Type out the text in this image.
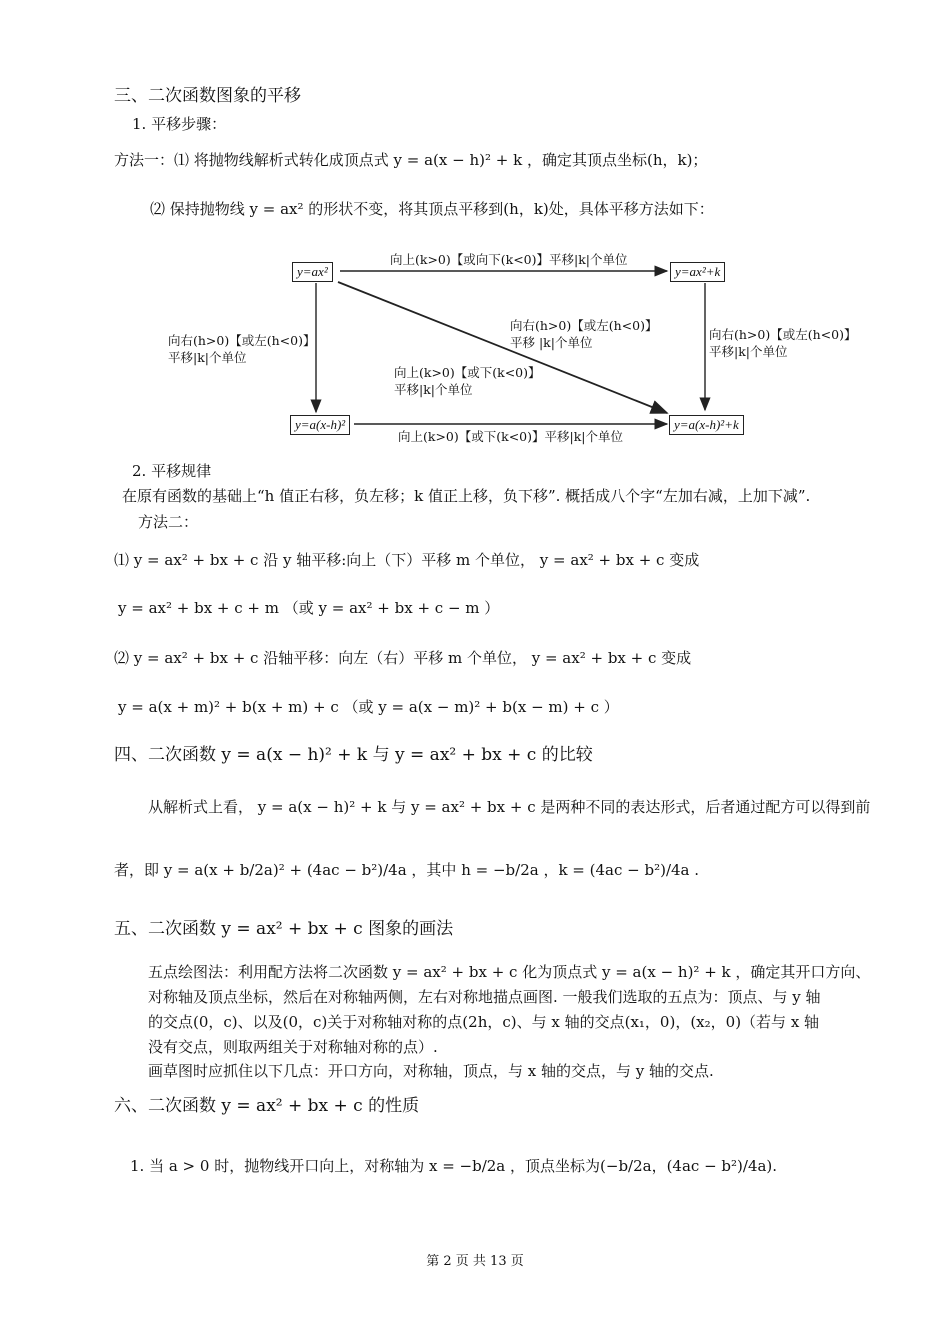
三、二次函数图象的平移
1. 平移步骤：
方法一：⑴ 将抛物线解析式转化成顶点式 y = a(x − h)² + k ，确定其顶点坐标(h，k)；
⑵ 保持抛物线 y = ax² 的形状不变，将其顶点平移到(h，k)处，具体平移方法如下：
y=ax²	y=ax²+k
y=a(x-h)²	y=a(x-h)²+k
向上(k>0)【或向下(k<0)】平移|k|个单位
向右(h>0)【或左(h<0)】
平移|k|个单位
向右(h>0)【或左(h<0)】
平移 |k|个单位
向上(k>0)【或下(k<0)】
平移|k|个单位
向右(h>0)【或左(h<0)】
平移|k|个单位
向上(k>0)【或下(k<0)】平移|k|个单位
2. 平移规律
在原有函数的基础上“h 值正右移，负左移；k 值正上移，负下移”. 概括成八个字“左加右减，上加下减”.
方法二：
⑴ y = ax² + bx + c 沿 y 轴平移:向上（下）平移 m 个单位， y = ax² + bx + c 变成
y = ax² + bx + c + m （或 y = ax² + bx + c − m ）
⑵ y = ax² + bx + c 沿轴平移：向左（右）平移 m 个单位， y = ax² + bx + c 变成
y = a(x + m)² + b(x + m) + c （或 y = a(x − m)² + b(x − m) + c ）
四、二次函数 y = a(x − h)² + k 与 y = ax² + bx + c 的比较
从解析式上看， y = a(x − h)² + k 与 y = ax² + bx + c 是两种不同的表达形式，后者通过配方可以得到前
者，即 y = a(x + b/2a)² + (4ac − b²)/4a ，其中 h = −b/2a ，k = (4ac − b²)/4a .
五、二次函数 y = ax² + bx + c 图象的画法
五点绘图法：利用配方法将二次函数 y = ax² + bx + c 化为顶点式 y = a(x − h)² + k ，确定其开口方向、
对称轴及顶点坐标，然后在对称轴两侧，左右对称地描点画图. 一般我们选取的五点为：顶点、与 y 轴
的交点(0，c)、以及(0，c)关于对称轴对称的点(2h，c)、与 x 轴的交点(x₁，0)，(x₂，0)（若与 x 轴
没有交点，则取两组关于对称轴对称的点）.
画草图时应抓住以下几点：开口方向，对称轴，顶点，与 x 轴的交点，与 y 轴的交点.
六、二次函数 y = ax² + bx + c 的性质
1. 当 a > 0 时，抛物线开口向上，对称轴为 x = −b/2a ，顶点坐标为(−b/2a，(4ac − b²)/4a).
第 2 页 共 13 页
